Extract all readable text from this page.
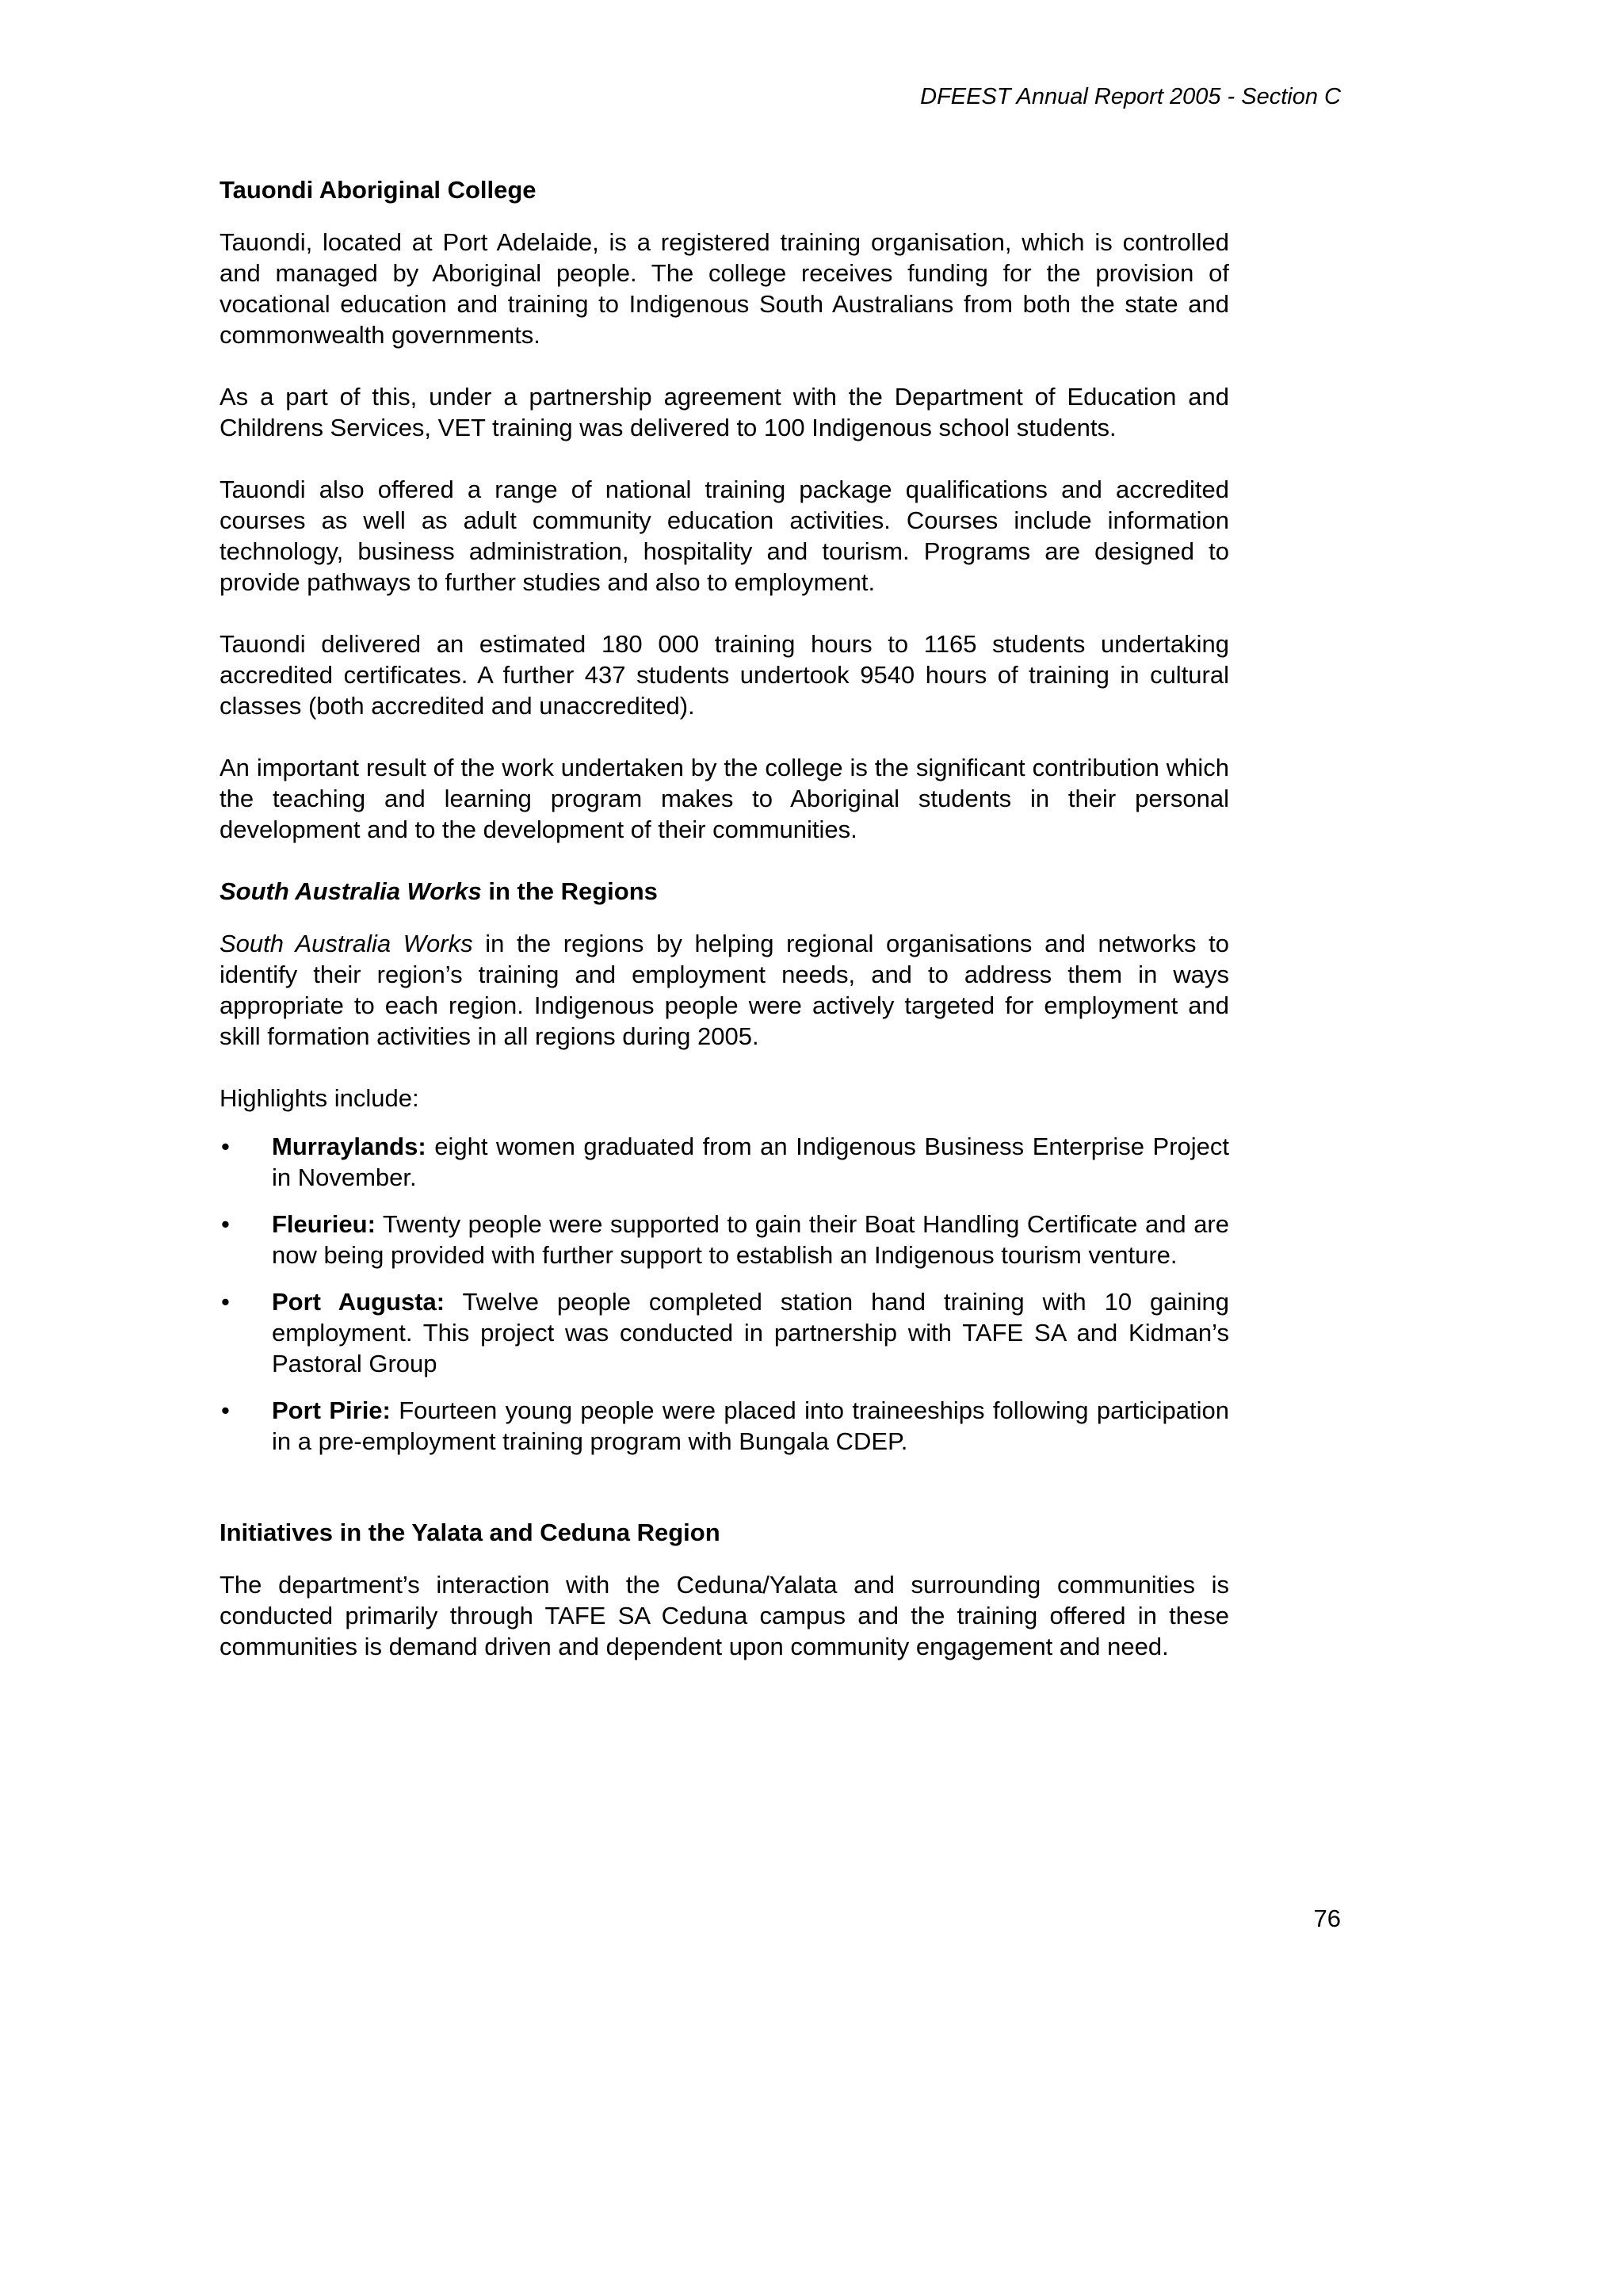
DFEEST Annual Report 2005 - Section C
Tauondi Aboriginal College

Tauondi, located at Port Adelaide, is a registered training organisation, which is controlled and managed by Aboriginal people. The college receives funding for the provision of vocational education and training to Indigenous South Australians from both the state and commonwealth governments.

As a part of this, under a partnership agreement with the Department of Education and Childrens Services, VET training was delivered to 100 Indigenous school students.

Tauondi also offered a range of national training package qualifications and accredited courses as well as adult community education activities. Courses include information technology, business administration, hospitality and tourism. Programs are designed to provide pathways to further studies and also to employment.

Tauondi delivered an estimated 180 000 training hours to 1165 students undertaking accredited certificates. A further 437 students undertook 9540 hours of training in cultural classes (both accredited and unaccredited).

An important result of the work undertaken by the college is the significant contribution which the teaching and learning program makes to Aboriginal students in their personal development and to the development of their communities.

South Australia Works in the Regions

South Australia Works in the regions by helping regional organisations and networks to identify their region’s training and employment needs, and to address them in ways appropriate to each region. Indigenous people were actively targeted for employment and skill formation activities in all regions during 2005.

Highlights include:

• Murraylands: eight women graduated from an Indigenous Business Enterprise Project in November.
• Fleurieu: Twenty people were supported to gain their Boat Handling Certificate and are now being provided with further support to establish an Indigenous tourism venture.
• Port Augusta: Twelve people completed station hand training with 10 gaining employment. This project was conducted in partnership with TAFE SA and Kidman’s Pastoral Group
• Port Pirie: Fourteen young people were placed into traineeships following participation in a pre-employment training program with Bungala CDEP.
Initiatives in the Yalata and Ceduna Region

The department’s interaction with the Ceduna/Yalata and surrounding communities is conducted primarily through TAFE SA Ceduna campus and the training offered in these communities is demand driven and dependent upon community engagement and need.

76
